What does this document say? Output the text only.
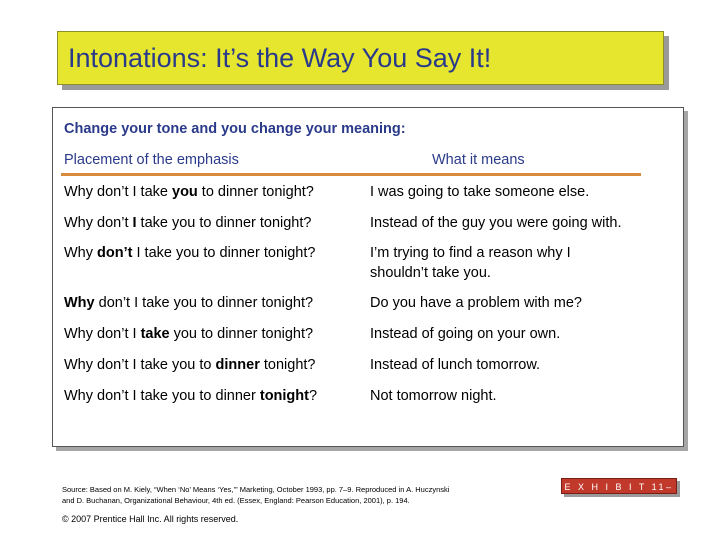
Intonations: It’s the Way You Say It!
Change your tone and you change your meaning:
Placement of the emphasis	What it means
Why don’t I take you to dinner tonight?	I was going to take someone else.
Why don’t I take you to dinner tonight?	Instead of the guy you were going with.
Why don’t I take you to dinner tonight?	I’m trying to find a reason why I
shouldn’t take you.
Why don’t I take you to dinner tonight?	Do you have a problem with me?
Why don’t I take you to dinner tonight?	Instead of going on your own.
Why don’t I take you to dinner tonight?	Instead of lunch tomorrow.
Why don’t I take you to dinner tonight?	Not tomorrow night.
Source: Based on M. Kiely, “When ‘No’ Means ‘Yes,’” Marketing, October 1993, pp. 7–9. Reproduced in A. Huczynski
and D. Buchanan, Organizational Behaviour, 4th ed. (Essex, England: Pearson Education, 2001), p. 194.
© 2007 Prentice Hall Inc. All rights reserved.
E X H I B I T 11–2
